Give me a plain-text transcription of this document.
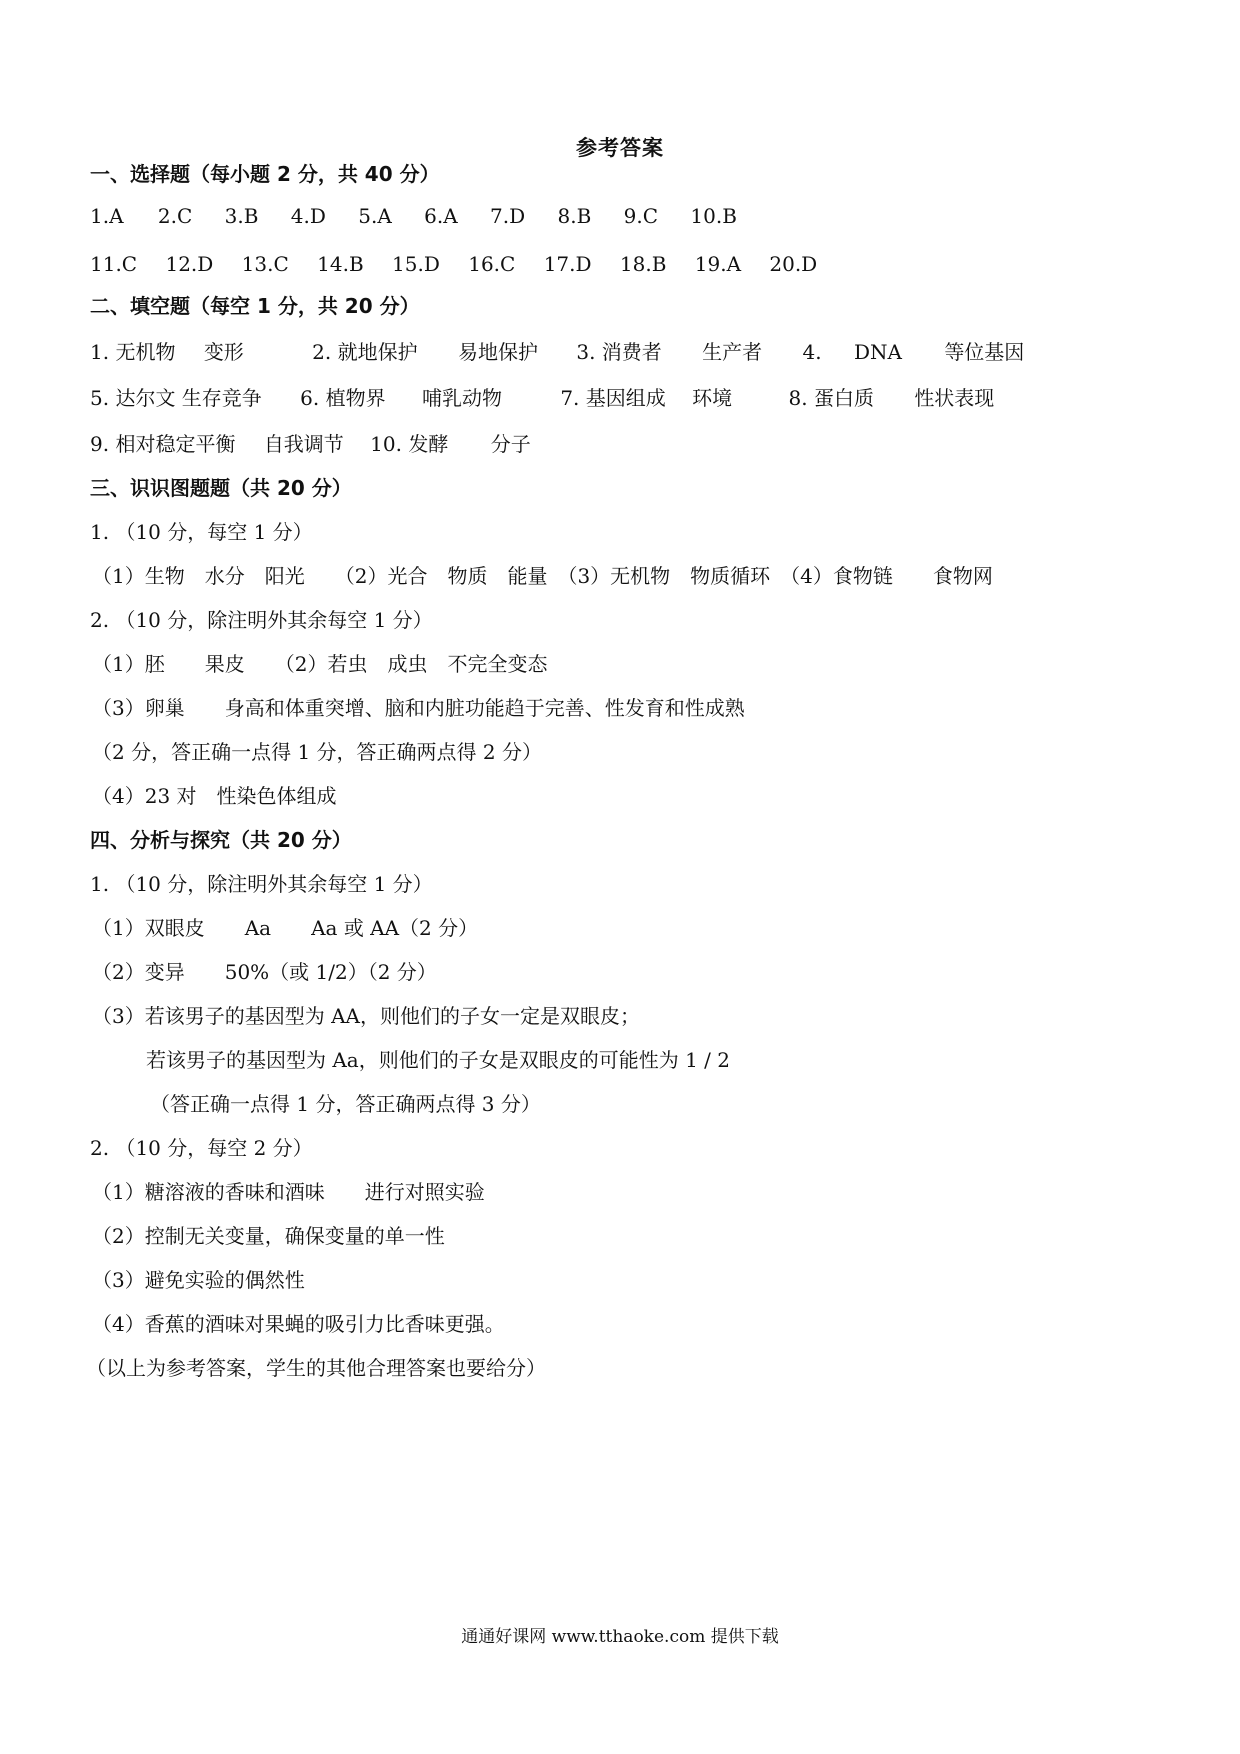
参考答案
一、选择题（每小题 2 分，共 40 分）
1.A 2.C 3.B 4.D 5.A 6.A 7.D 8.B 9.C 10.B
11.C 12.D 13.C 14.B 15.D 16.C 17.D 18.B 19.A 20.D
二、填空题（每空 1 分，共 20 分）
1. 无机物 变形	2. 就地保护 易地保护 3. 消费者 生产者 4. DNA 等位基因
5. 达尔文 生存竞争 6. 植物界 哺乳动物	7. 基因组成 环境	8. 蛋白质 性状表现
9. 相对稳定平衡 自我调节 10. 发酵 分子
三、识识图题题（共 20 分）
1. （10 分，每空 1 分）
（1）生物　水分　阳光　　（2）光合　物质　能量　（3）无机物　物质循环　（4）食物链　　食物网
2. （10 分，除注明外其余每空 1 分）
（1）胚　　果皮　　（2）若虫　成虫　不完全变态
（3）卵巢　　身高和体重突增、脑和内脏功能趋于完善、性发育和性成熟
（2 分，答正确一点得 1 分，答正确两点得 2 分）
（4）23 对　性染色体组成
四、分析与探究（共 20 分）
1. （10 分，除注明外其余每空 1 分）
（1）双眼皮　　Aa　　Aa 或 AA（2 分）
（2）变异　　50%（或 1/2）（2 分）
（3）若该男子的基因型为 AA，则他们的子女一定是双眼皮；
若该男子的基因型为 Aa，则他们的子女是双眼皮的可能性为 1 / 2
（答正确一点得 1 分，答正确两点得 3 分）
2. （10 分，每空 2 分）
（1）糖溶液的香味和酒味　　进行对照实验
（2）控制无关变量，确保变量的单一性
（3）避免实验的偶然性
（4）香蕉的酒味对果蝇的吸引力比香味更强。
（以上为参考答案，学生的其他合理答案也要给分）
通通好课网 www.tthaoke.com 提供下载
